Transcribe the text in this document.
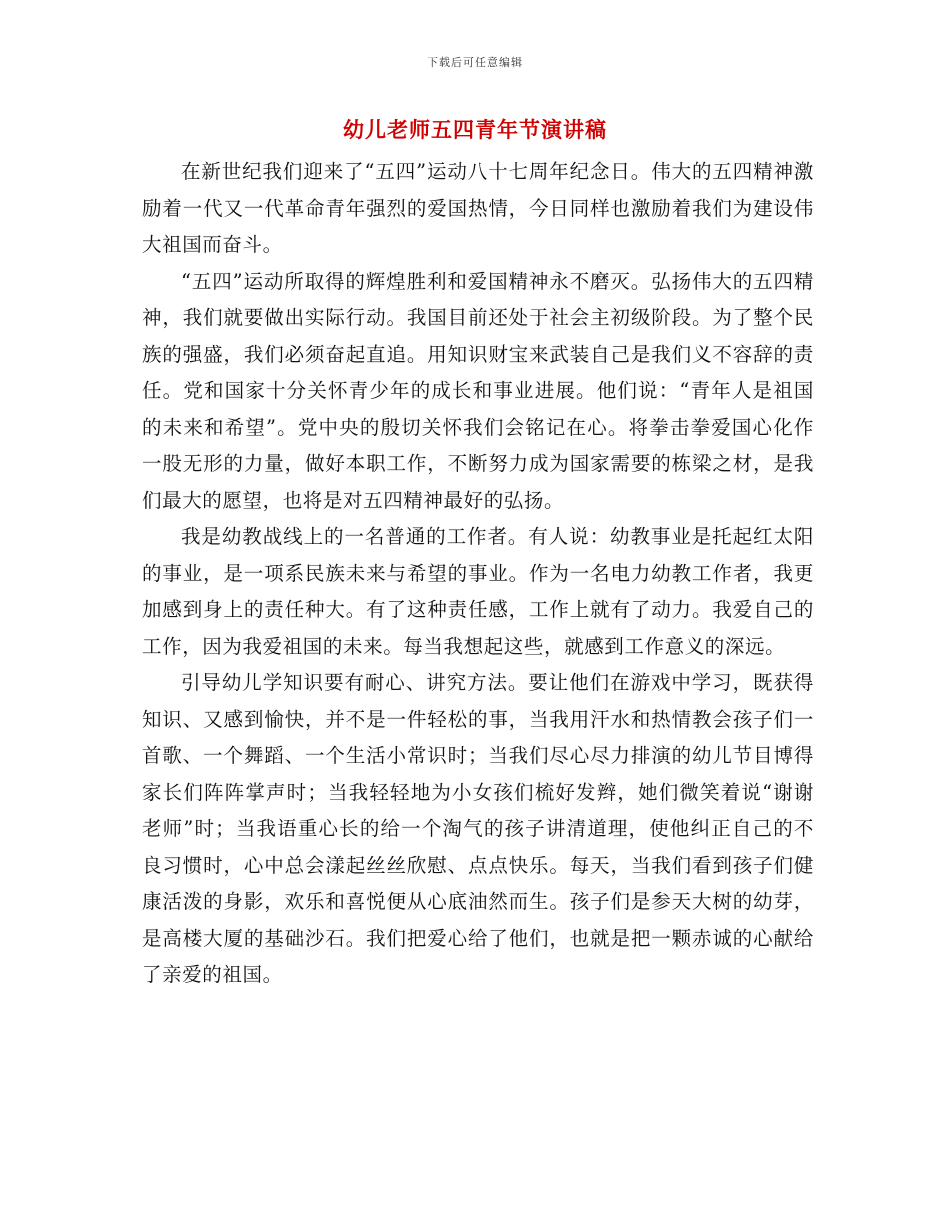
下载后可任意编辑
幼儿老师五四青年节演讲稿

在新世纪我们迎来了“五四”运动八十七周年纪念日。伟大的五四精神激励着一代又一代革命青年强烈的爱国热情，今日同样也激励着我们为建设伟大祖国而奋斗。

“五四”运动所取得的辉煌胜利和爱国精神永不磨灭。弘扬伟大的五四精神，我们就要做出实际行动。我国目前还处于社会主初级阶段。为了整个民族的强盛，我们必须奋起直追。用知识财宝来武装自己是我们义不容辞的责任。党和国家十分关怀青少年的成长和事业进展。他们说：“青年人是祖国的未来和希望”。党中央的殷切关怀我们会铭记在心。将拳击拳爱国心化作一股无形的力量，做好本职工作，不断努力成为国家需要的栋梁之材，是我们最大的愿望，也将是对五四精神最好的弘扬。

我是幼教战线上的一名普通的工作者。有人说：幼教事业是托起红太阳的事业，是一项系民族未来与希望的事业。作为一名电力幼教工作者，我更加感到身上的责任种大。有了这种责任感，工作上就有了动力。我爱自己的工作，因为我爱祖国的未来。每当我想起这些，就感到工作意义的深远。

引导幼儿学知识要有耐心、讲究方法。要让他们在游戏中学习，既获得知识、又感到愉快，并不是一件轻松的事，当我用汗水和热情教会孩子们一首歌、一个舞蹈、一个生活小常识时；当我们尽心尽力排演的幼儿节目博得家长们阵阵掌声时；当我轻轻地为小女孩们梳好发辫，她们微笑着说“谢谢老师”时；当我语重心长的给一个淘气的孩子讲清道理，使他纠正自己的不良习惯时，心中总会漾起丝丝欣慰、点点快乐。每天，当我们看到孩子们健康活泼的身影，欢乐和喜悦便从心底油然而生。孩子们是参天大树的幼芽，是高楼大厦的基础沙石。我们把爱心给了他们，也就是把一颗赤诚的心献给了亲爱的祖国。
